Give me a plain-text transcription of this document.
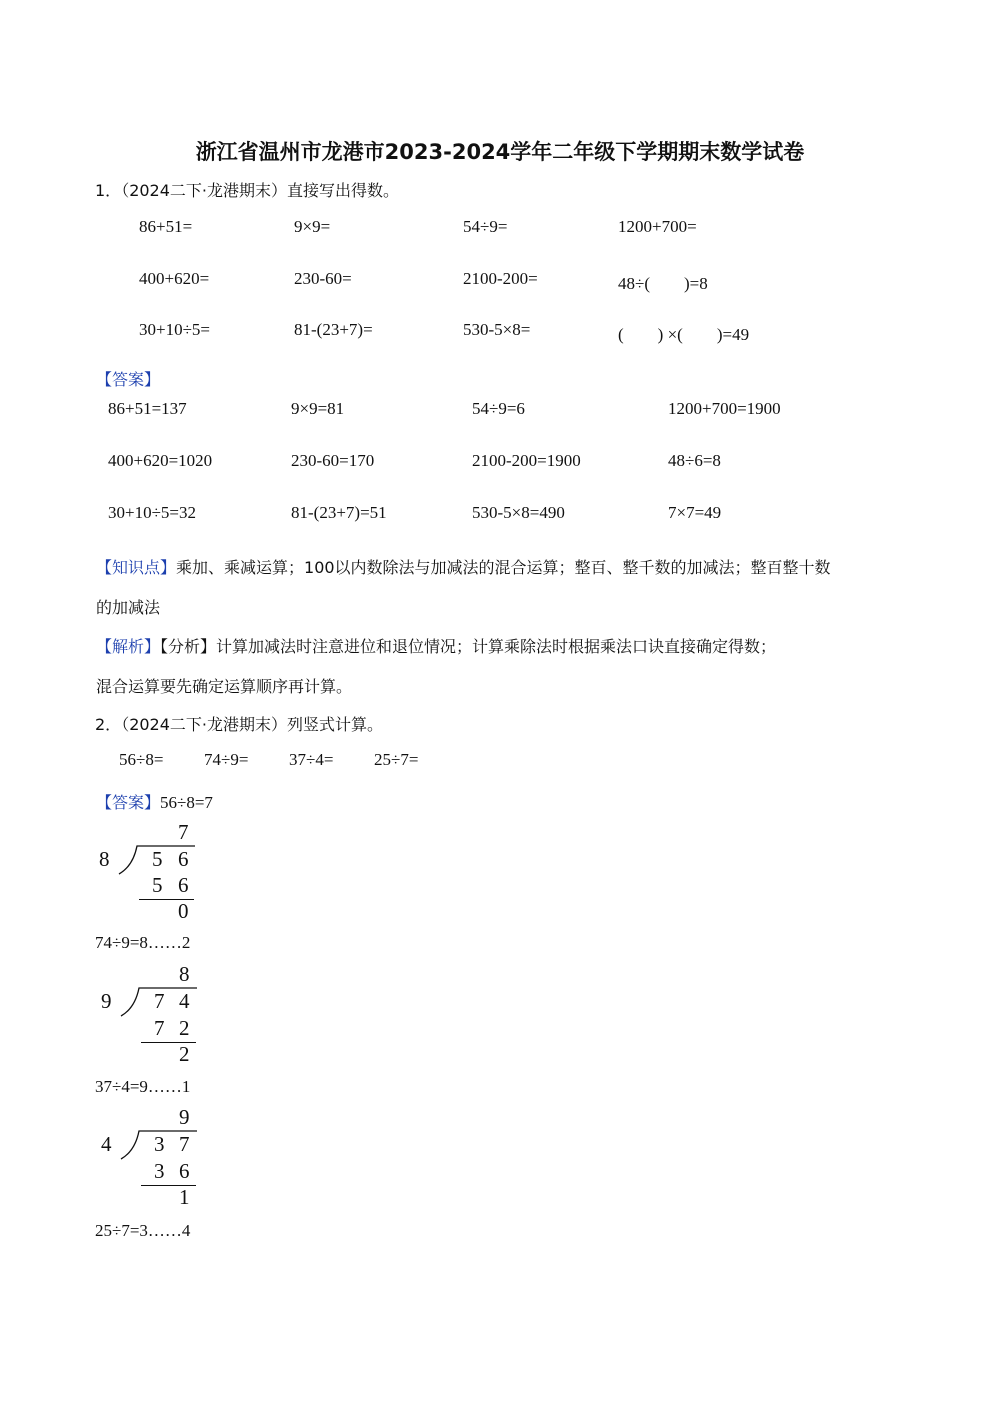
浙江省温州市龙港市2023-2024学年二年级下学期期末数学试卷
1．（2024二下·龙港期末）直接写出得数。
86+51=	9×9=	54÷9=	1200+700=
400+620=	230-60=	2100-200=	48÷(　　)=8
30+10÷5=	81-(23+7)=	530-5×8=	(　　) ×(　　)=49
【答案】
86+51=137	9×9=81	54÷9=6	1200+700=1900
400+620=1020	230-60=170	2100-200=1900	48÷6=8
30+10÷5=32	81-(23+7)=51	530-5×8=490	7×7=49
【知识点】乘加、乘减运算；100以内数除法与加减法的混合运算；整百、整千数的加减法；整百整十数
的加减法
【解析】【分析】计算加减法时注意进位和退位情况；计算乘除法时根据乘法口诀直接确定得数；
混合运算要先确定运算顺序再计算。
2．（2024二下·龙港期末）列竖式计算。
56÷8= 74÷9= 37÷4= 25÷7=
【答案】56÷8=7
7
8 5 6
5 6
0
74÷9=8……2
8
9 7 4
7 2
2
37÷4=9……1
9
4 3 7
3 6
1
25÷7=3……4
